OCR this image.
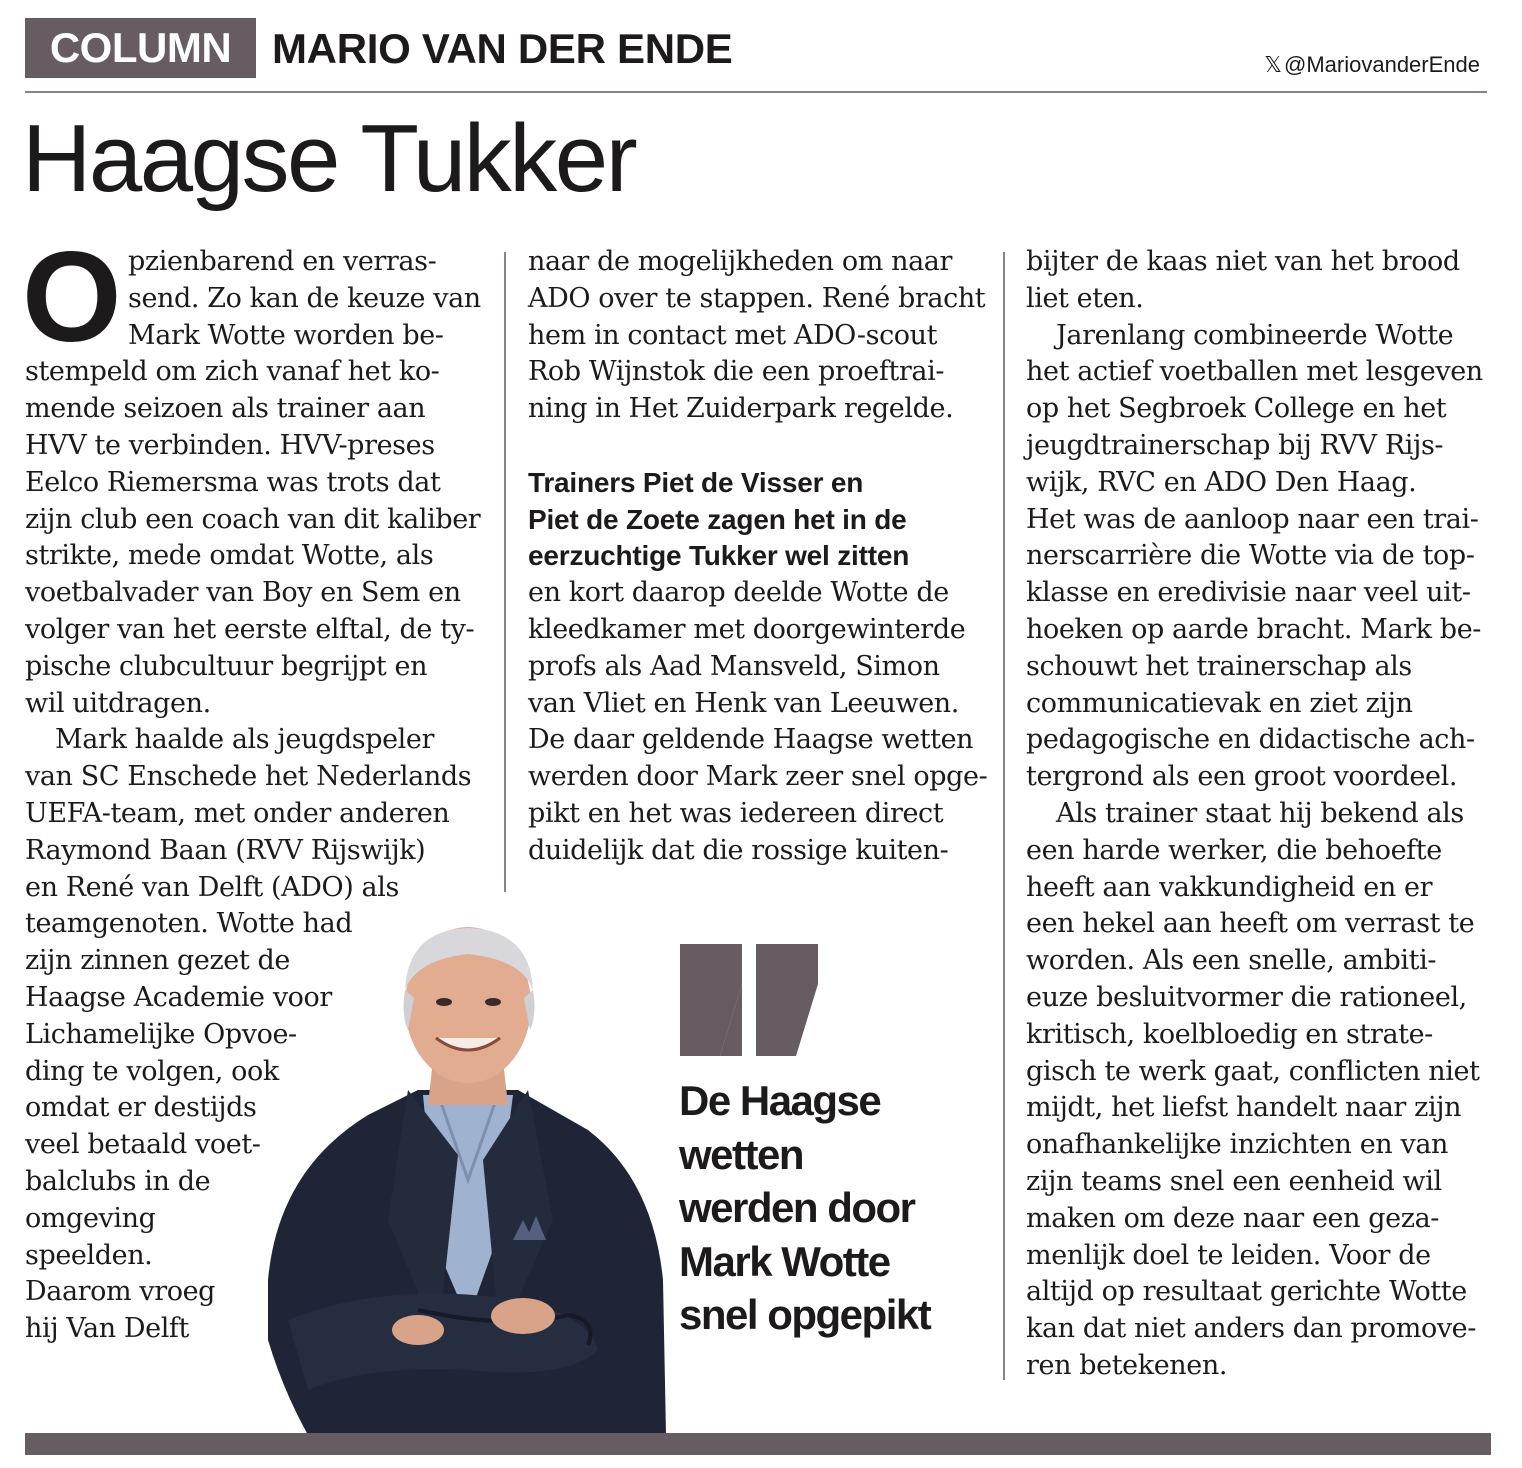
COLUMN MARIO VAN DER ENDE	𝕏 @MariovanderEnde
Haagse Tukker
O pzienbarend en verras-
send. Zo kan de keuze van
Mark Wotte worden be-
stempeld om zich vanaf het ko-
mende seizoen als trainer aan
HVV te verbinden. HVV-preses
Eelco Riemersma was trots dat
zijn club een coach van dit kaliber
strikte, mede omdat Wotte, als
voetbalvader van Boy en Sem en
volger van het eerste elftal, de ty-
pische clubcultuur begrijpt en
wil uitdragen.
Mark haalde als jeugdspeler
van SC Enschede het Nederlands
UEFA-team, met onder anderen
Raymond Baan (RVV Rijswijk)
en René van Delft (ADO) als
teamgenoten. Wotte had
zijn zinnen gezet de
Haagse Academie voor
Lichamelijke Opvoe-
ding te volgen, ook
omdat er destijds
veel betaald voet-
balclubs in de
omgeving
speelden.
Daarom vroeg
hij Van Delft
naar de mogelijkheden om naar
ADO over te stappen. René bracht
hem in contact met ADO-scout
Rob Wijnstok die een proeftrai-
ning in Het Zuiderpark regelde.
Trainers Piet de Visser en
Piet de Zoete zagen het in de
eerzuchtige Tukker wel zitten
en kort daarop deelde Wotte de
kleedkamer met doorgewinterde
profs als Aad Mansveld, Simon
van Vliet en Henk van Leeuwen.
De daar geldende Haagse wetten
werden door Mark zeer snel opge-
pikt en het was iedereen direct
duidelijk dat die rossige kuiten-
bijter de kaas niet van het brood
liet eten.
Jarenlang combineerde Wotte
het actief voetballen met lesgeven
op het Segbroek College en het
jeugdtrainerschap bij RVV Rijs-
wijk, RVC en ADO Den Haag.
Het was de aanloop naar een trai-
nerscarrière die Wotte via de top-
klasse en eredivisie naar veel uit-
hoeken op aarde bracht. Mark be-
schouwt het trainerschap als
communicatievak en ziet zijn
pedagogische en didactische ach-
tergrond als een groot voordeel.
Als trainer staat hij bekend als
een harde werker, die behoefte
heeft aan vakkundigheid en er
een hekel aan heeft om verrast te
worden. Als een snelle, ambiti-
euze besluitvormer die rationeel,
kritisch, koelbloedig en strate-
gisch te werk gaat, conflicten niet
mijdt, het liefst handelt naar zijn
onafhankelijke inzichten en van
zijn teams snel een eenheid wil
maken om deze naar een geza-
menlijk doel te leiden. Voor de
altijd op resultaat gerichte Wotte
kan dat niet anders dan promove-
ren betekenen.
De Haagse
wetten
werden door
Mark Wotte
snel opgepikt
